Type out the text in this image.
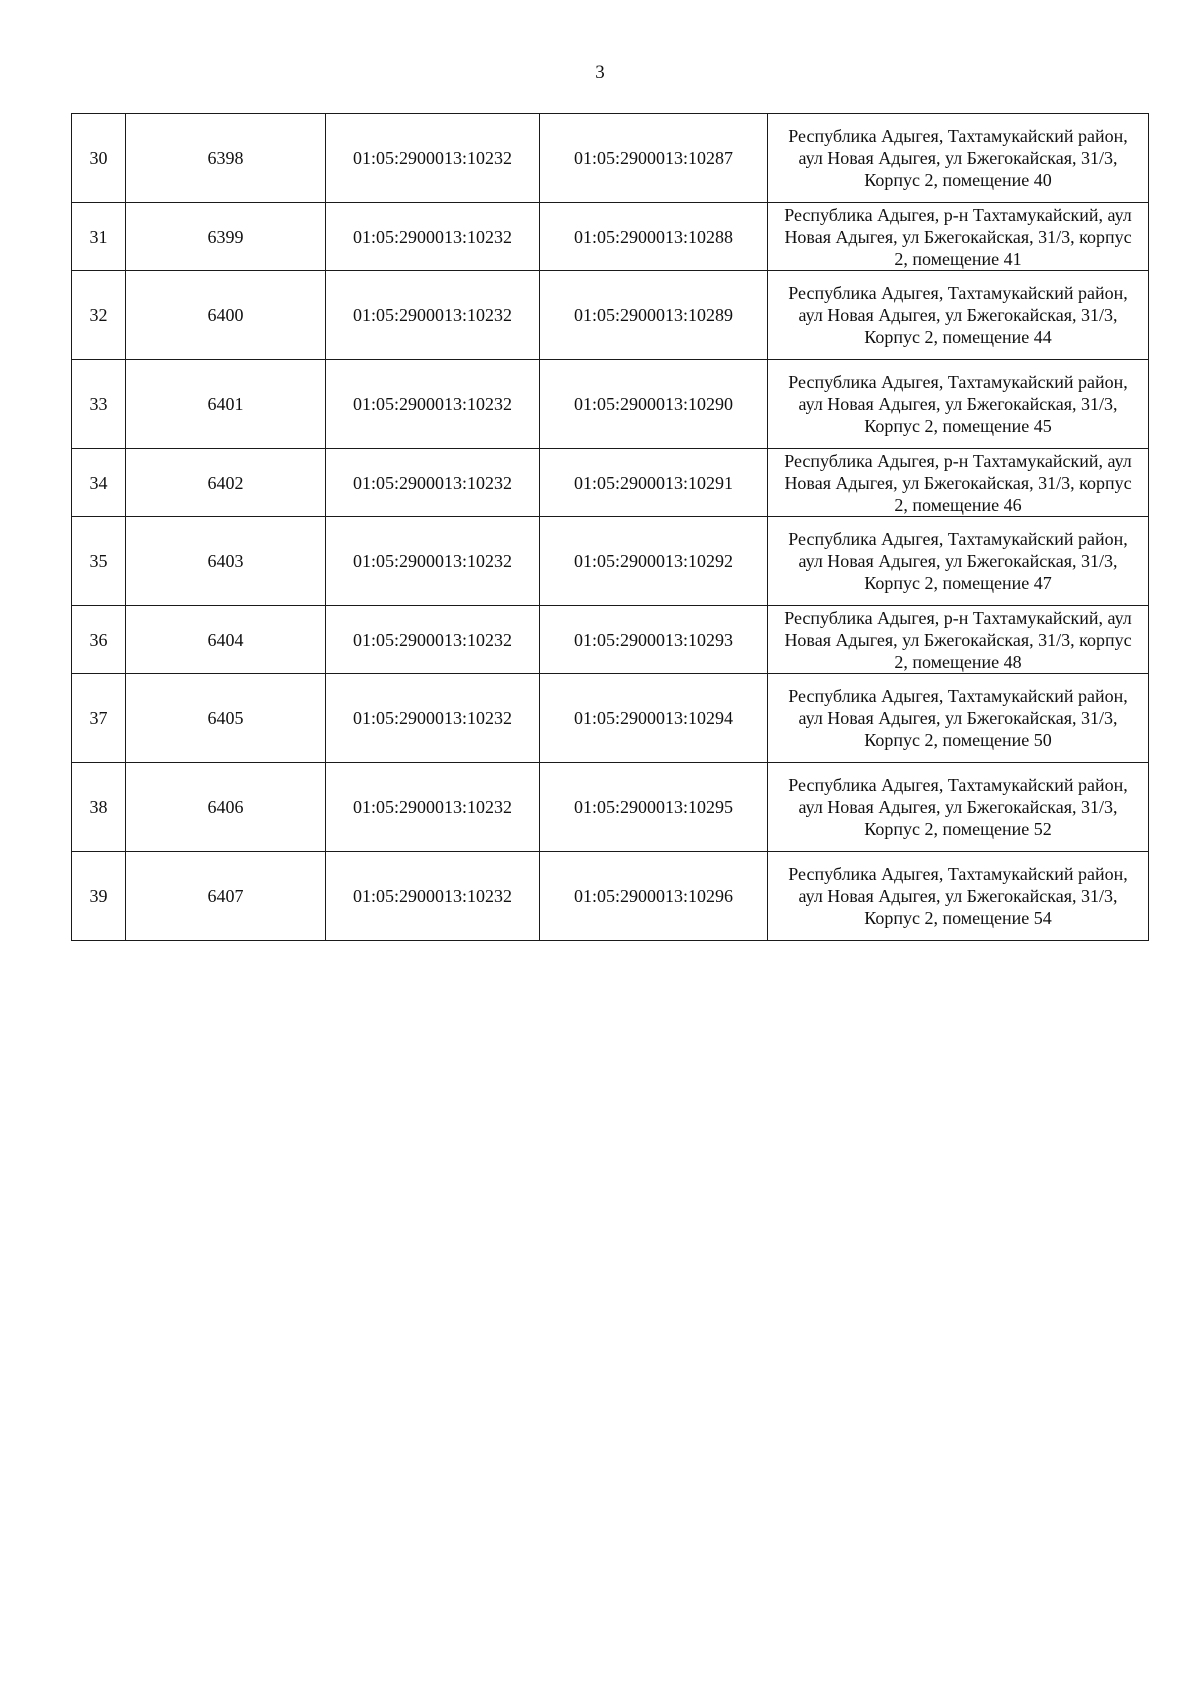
3
30	6398	01:05:2900013:10232	01:05:2900013:10287	Республика Адыгея, Тахтамукайский район, аул Новая Адыгея, ул Бжегокайская, 31/3, Корпус 2, помещение 40
31	6399	01:05:2900013:10232	01:05:2900013:10288	Республика Адыгея, р-н Тахтамукайский, аул Новая Адыгея, ул Бжегокайская, 31/3, корпус 2, помещение 41
32	6400	01:05:2900013:10232	01:05:2900013:10289	Республика Адыгея, Тахтамукайский район, аул Новая Адыгея, ул Бжегокайская, 31/3, Корпус 2, помещение 44
33	6401	01:05:2900013:10232	01:05:2900013:10290	Республика Адыгея, Тахтамукайский район, аул Новая Адыгея, ул Бжегокайская, 31/3, Корпус 2, помещение 45
34	6402	01:05:2900013:10232	01:05:2900013:10291	Республика Адыгея, р-н Тахтамукайский, аул Новая Адыгея, ул Бжегокайская, 31/3, корпус 2, помещение 46
35	6403	01:05:2900013:10232	01:05:2900013:10292	Республика Адыгея, Тахтамукайский район, аул Новая Адыгея, ул Бжегокайская, 31/3, Корпус 2, помещение 47
36	6404	01:05:2900013:10232	01:05:2900013:10293	Республика Адыгея, р-н Тахтамукайский, аул Новая Адыгея, ул Бжегокайская, 31/3, корпус 2, помещение 48
37	6405	01:05:2900013:10232	01:05:2900013:10294	Республика Адыгея, Тахтамукайский район, аул Новая Адыгея, ул Бжегокайская, 31/3, Корпус 2, помещение 50
38	6406	01:05:2900013:10232	01:05:2900013:10295	Республика Адыгея, Тахтамукайский район, аул Новая Адыгея, ул Бжегокайская, 31/3, Корпус 2, помещение 52
39	6407	01:05:2900013:10232	01:05:2900013:10296	Республика Адыгея, Тахтамукайский район, аул Новая Адыгея, ул Бжегокайская, 31/3, Корпус 2, помещение 54
